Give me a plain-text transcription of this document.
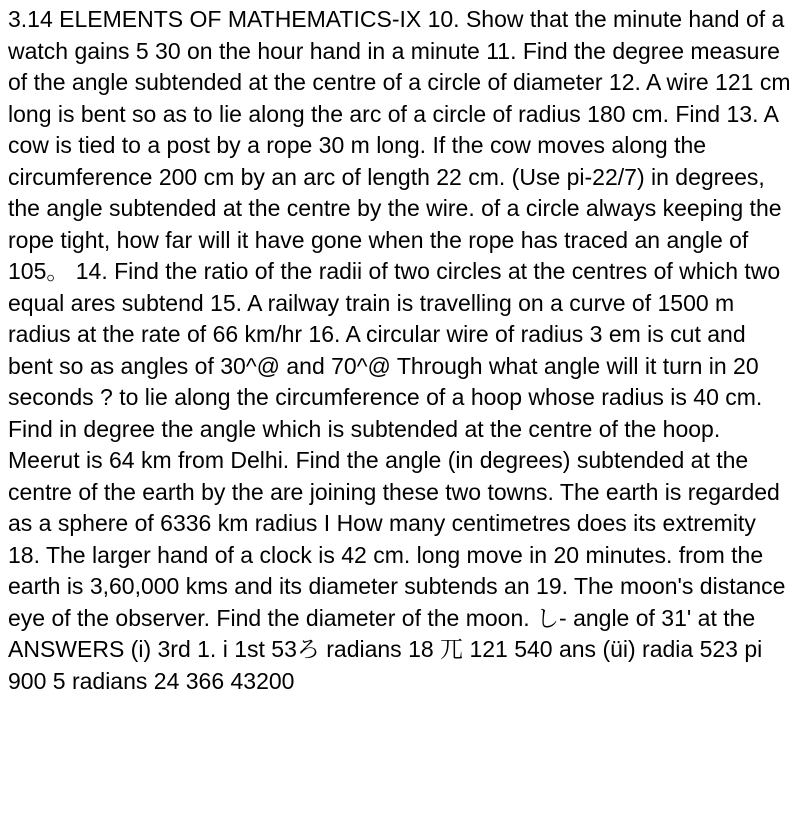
3.14 ELEMENTS OF MATHEMATICS-IX 10. Show that the minute hand of a watch gains 5 30 on the hour hand in a minute 11. Find the degree measure of the angle subtended at the centre of a circle of diameter 12. A wire 121 cm long is bent so as to lie along the arc of a circle of radius 180 cm. Find 13. A cow is tied to a post by a rope 30 m long. If the cow moves along the circumference 200 cm by an arc of length 22 cm. (Use pi-22/7) in degrees, the angle subtended at the centre by the wire. of a circle always keeping the rope tight, how far will it have gone when the rope has traced an angle of 105。 14. Find the ratio of the radii of two circles at the centres of which two equal ares subtend 15. A railway train is travelling on a curve of 1500 m radius at the rate of 66 km/hr 16. A circular wire of radius 3 em is cut and bent so as angles of 30^@ and 70^@ Through what angle will it turn in 20 seconds ? to lie along the circumference of a hoop whose radius is 40 cm. Find in degree the angle which is subtended at the centre of the hoop. Meerut is 64 km from Delhi. Find the angle (in degrees) subtended at the centre of the earth by the are joining these two towns. The earth is regarded as a sphere of 6336 km radius I How many centimetres does its extremity 18. The larger hand of a clock is 42 cm. long move in 20 minutes. from the earth is 3,60,000 kms and its diameter subtends an 19. The moon's distance eye of the observer. Find the diameter of the moon. し- angle of 31' at the ANSWERS (i) 3rd 1. i 1st 53ろ radians 18 兀 121 540 ans (üi) radia 523 pi 900 5 radians 24 366 43200
